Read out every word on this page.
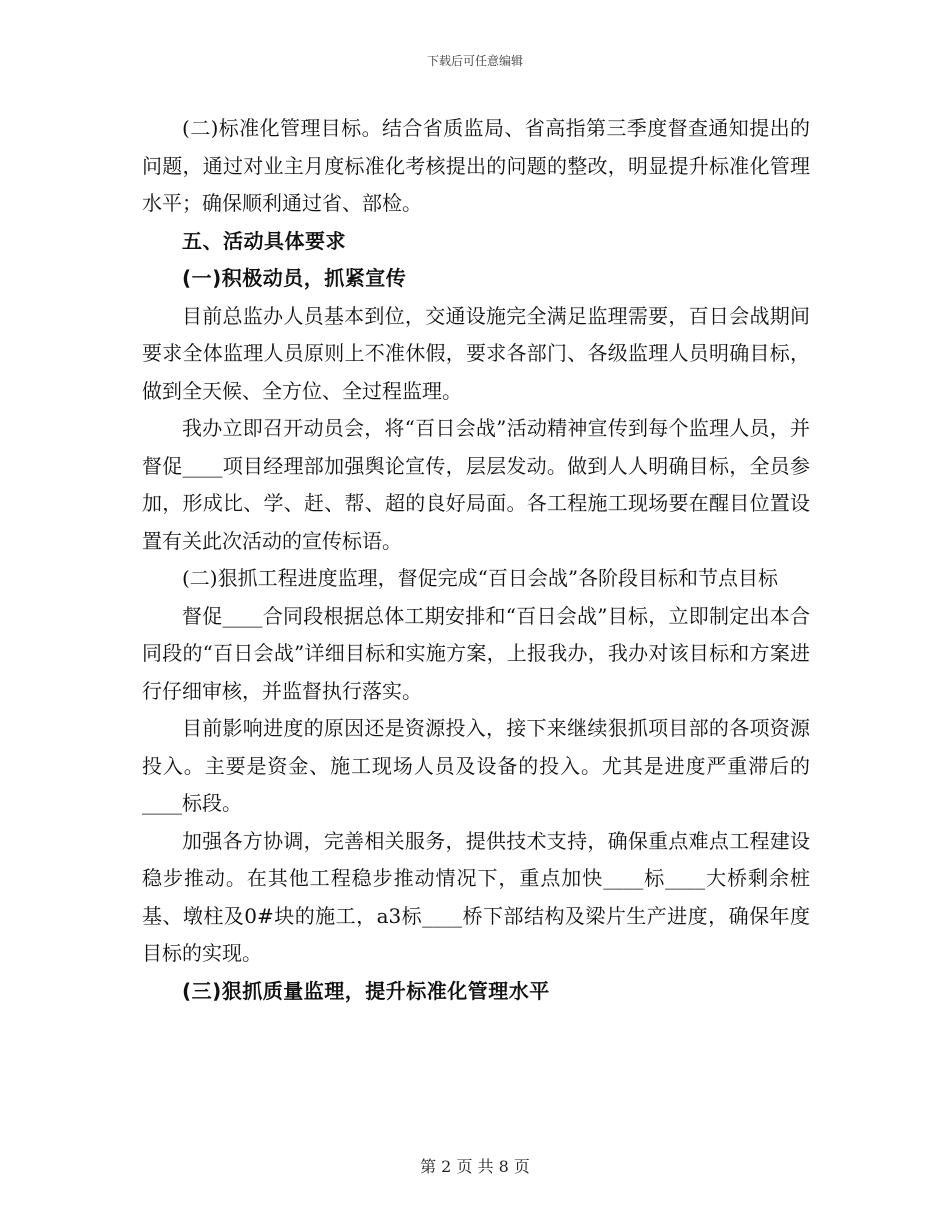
下载后可任意编辑

(二)标准化管理目标。结合省质监局、省高指第三季度督查通知提出的问题，通过对业主月度标准化考核提出的问题的整改，明显提升标准化管理水平；确保顺利通过省、部检。

五、活动具体要求

(一)积极动员，抓紧宣传

目前总监办人员基本到位，交通设施完全满足监理需要，百日会战期间要求全体监理人员原则上不准休假，要求各部门、各级监理人员明确目标，做到全天候、全方位、全过程监理。

我办立即召开动员会，将“百日会战”活动精神宣传到每个监理人员，并督促____项目经理部加强舆论宣传，层层发动。做到人人明确目标，全员参加，形成比、学、赶、帮、超的良好局面。各工程施工现场要在醒目位置设置有关此次活动的宣传标语。

(二)狠抓工程进度监理，督促完成“百日会战”各阶段目标和节点目标

督促____合同段根据总体工期安排和“百日会战”目标，立即制定出本合同段的“百日会战”详细目标和实施方案，上报我办，我办对该目标和方案进行仔细审核，并监督执行落实。

目前影响进度的原因还是资源投入，接下来继续狠抓项目部的各项资源投入。主要是资金、施工现场人员及设备的投入。尤其是进度严重滞后的____标段。

加强各方协调，完善相关服务，提供技术支持，确保重点难点工程建设稳步推动。在其他工程稳步推动情况下，重点加快____标____大桥剩余桩基、墩柱及0#块的施工，a3标____桥下部结构及梁片生产进度，确保年度目标的实现。

(三)狠抓质量监理，提升标准化管理水平

第 2 页 共 8 页
